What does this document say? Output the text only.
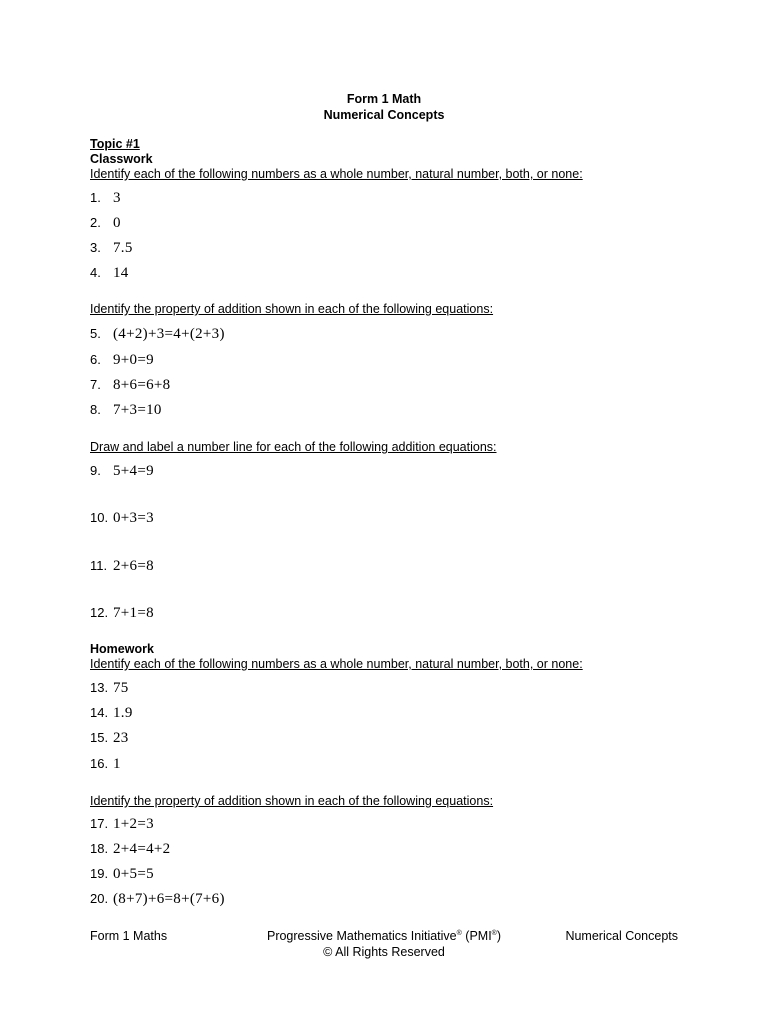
Form 1 Math
Numerical Concepts
Topic #1
Classwork
Identify each of the following numbers as a whole number, natural number, both, or none:
1. 3
2. 0
3. 7.5
4. 14
Identify the property of addition shown in each of the following equations:
5. (4+2)+3=4+(2+3)
6. 9+0=9
7. 8+6=6+8
8. 7+3=10
Draw and label a number line for each of the following addition equations:
9. 5+4=9
10. 0+3=3
11. 2+6=8
12. 7+1=8
Homework
Identify each of the following numbers as a whole number, natural number, both, or none:
13. 75
14. 1.9
15. 23
16. 1
Identify the property of addition shown in each of the following equations:
17. 1+2=3
18. 2+4=4+2
19. 0+5=5
20. (8+7)+6=8+(7+6)
Form 1 Maths	Progressive Mathematics Initiative® (PMI®)	Numerical Concepts
© All Rights Reserved
